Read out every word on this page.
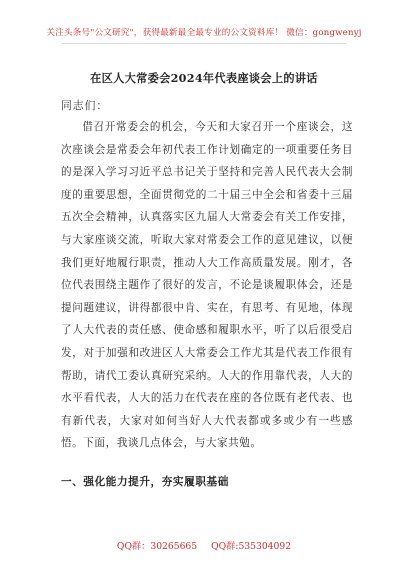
关注头条号"公文研究"，获得最新最全最专业的公文资料库！ 微信：gongwenyj
在区人大常委会2024年代表座谈会上的讲话
同志们：

借召开常委会的机会，今天和大家召开一个座谈会，这次座谈会是常委会年初代表工作计划确定的一项重要任务目的是深入学习习近平总书记关于坚持和完善人民代表大会制度的重要思想，全面贯彻党的二十届三中全会和省委十三届五次全会精神，认真落实区九届人大常委会有关工作安排，与大家座谈交流，听取大家对常委会工作的意见建议，以便我们更好地履行职责，推动人大工作高质量发展。刚才，各位代表围绕主题作了很好的发言，不论是谈履职体会，还是提问题建议，讲得都很中肯、实在，有思考、有见地，体现了人大代表的责任感、使命感和履职水平，听了以后很受启发，对于加强和改进区人大常委会工作尤其是代表工作很有帮助，请代工委认真研究采纳。人大的作用靠代表，人大的水平看代表，人大的活力在代表在座的各位既有老代表、也有新代表，大家对如何当好人大代表都或多或少有一些感悟。下面，我谈几点体会，与大家共勉。

一、强化能力提升，夯实履职基础
QQ群：30265665 QQ群:535304092
